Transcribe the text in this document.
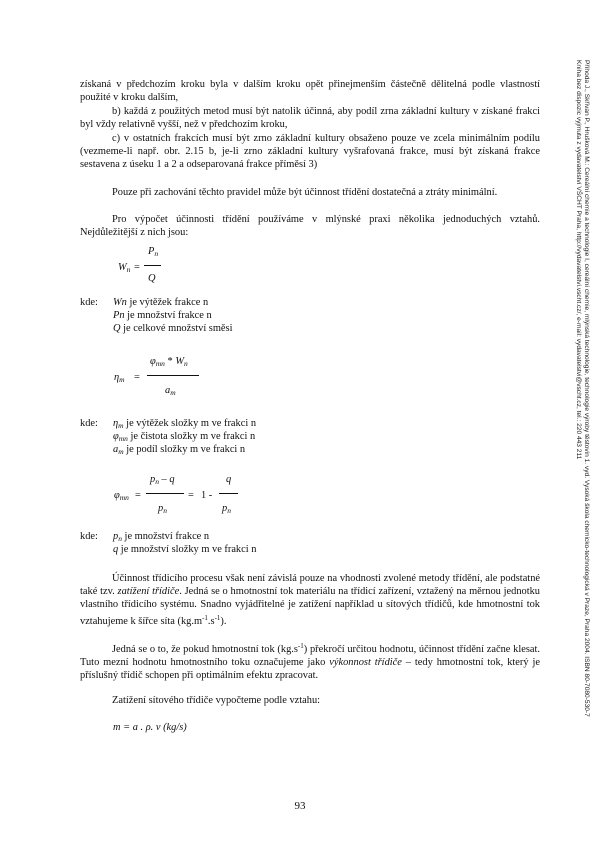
získaná v předchozím kroku byla v dalším kroku opět přinejmenším částečně dělitelná podle vlastností použité v kroku dalším,
b) každá z použitých metod musí být natolik účinná, aby podíl zrna základní kultury v získané frakci byl vždy relativně vyšší, než v předchozím kroku,
c) v ostatních frakcích musí být zrno základní kultury obsaženo pouze ve zcela minimálním podílu (vezmeme-li např. obr. 2.15 b, je-li zrno základní kultury vyšrafovaná frakce, musí být získaná frakce sestavena z úseku 1 a 2 a odseparovaná frakce příměsí 3)
Pouze při zachování těchto pravidel může být účinnost třídění dostatečná a ztráty minimální.
Pro výpočet účinnosti třídění používáme v mlýnské praxi několika jednoduchých vztahů. Nejdůležitější z nich jsou:
$W_n$ =
$P_n$
Q
kde: Wn je výtěžek frakce n
Pn je množství frakce n
Q je celkové množství směsi
$\eta_m$ =
$\varphi_{mn} * W_n$
$a_m$
kde: $\eta_m$ je výtěžek složky m ve frakci n
$\varphi_{mn}$ je čistota složky m ve frakci n
$a_m$ je podíl složky m ve frakci n
$\varphi_{mn}$ =
$p_n$ – q
$p_n$
= 1 -
q
$p_n$
kde: $p_n$ je množství frakce n
q je množství složky m ve frakci n
Účinnost třídicího procesu však není závislá pouze na vhodnosti zvolené metody třídění, ale podstatné také tzv. zatížení třídiče. Jedná se o hmotnostní tok materiálu na třídicí zařízení, vztažený na měrnou jednotku vlastního třídicího systému. Snadno vyjádřitelné je zatížení například u sítových třídičů, kde hmotnostní tok vztahujeme k šířce síta $(kg.m^{-1}.s^{-1})$.
Jedná se o to, že pokud hmotnostní tok $(kg.s^{-1})$ překročí určitou hodnotu, účinnost třídění začne klesat. Tuto mezní hodnotu hmotnostního toku označujeme jako výkonnost třídiče – tedy hmotnostní tok, který je příslušný třídič schopen při optimálním efektu zpracovat.
Zatížení sítového třídiče vypočteme podle vztahu:
m = a . ρ. v (kg/s)
93
Příhoda J., Skřivan P., Hrušková M.: Cereální chemie a technologie I, cereální chemie, mlýnská technologie, technologie výroby těstovin 1. vyd. Vysoká škola chemicko-technologická v Praze, Praha 2004. ISBN 80-7080-530-7
Kniha bez dispozic vyjmuta z vydavatelství VŠCHT Praha, http://vydavatelstvi.vscht.cz/, e-mail: vydavatelstvi@vscht.cz, tel.: 220 443 211
